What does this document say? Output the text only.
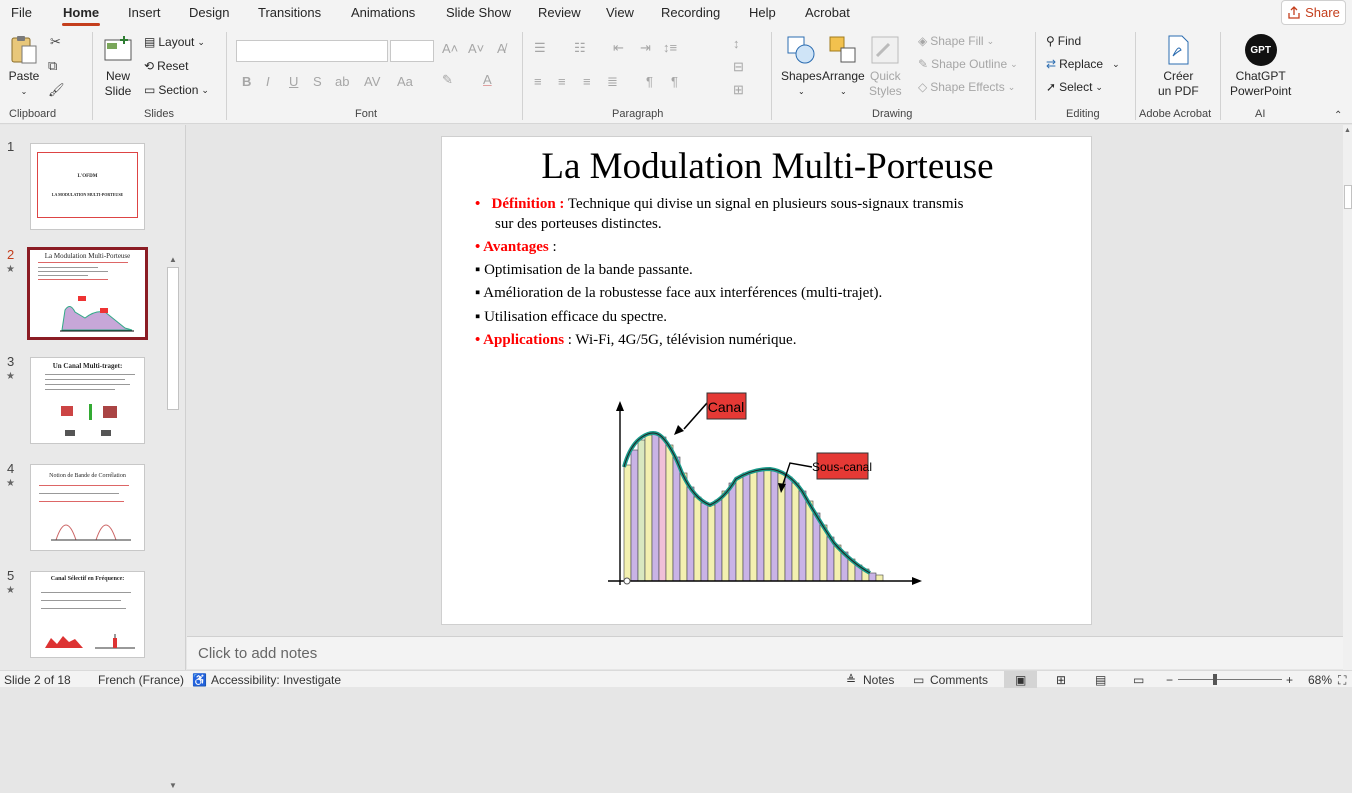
File Home Insert Design Transitions Animations Slide Show Review View Recording Help Acrobat	Share
Paste
⌄
✂
⧉
🖌
Clipboard
New
Slide
▤ Layout ⌄
⟲ Reset
▭ Section ⌄
Slides
A˄ A˅ A̸
B I U S ab AV Aa ✎ A
Font
☰ ☷ ⇤ ⇥ ↕≡
≡ ≡ ≡ ≣ ¶ ¶
↕
⊟
⊞
Paragraph
Shapes
⌄
Arrange
⌄
Quick
Styles
◈ Shape Fill ⌄
✎ Shape Outline ⌄
◇ Shape Effects ⌄
Drawing
⚲ Find
⇄ Replace ⌄
➚ Select ⌄
Editing
Créer
un PDF
Adobe Acrobat
GPT
ChatGPT
PowerPoint
AI	⌃
1
L'OFDM
LA MODULATION MULTI-PORTEUSE
2
★
La Modulation Multi-Porteuse
3
★
Un Canal Multi-traget:
4
★
Notion de Bande de Corrélation
5
★
Canal Sélectif en Fréquence:
▲
▼
La Modulation Multi-Porteuse
• Définition : Technique qui divise un signal en plusieurs sous-signaux transmis
sur des porteuses distinctes.
• Avantages :
▪ Optimisation de la bande passante.
▪ Amélioration de la robustesse face aux interférences (multi-trajet).
▪ Utilisation efficace du spectre.
• Applications : Wi-Fi, 4G/5G, télévision numérique.
Canal
Sous-canal
▲
Click to add notes
Slide 2 of 18 French (France) ♿ Accessibility: Investigate	≜ Notes ▭ Comments ▣ ⊞ ▤ ▭ −	+ 68% ⛶
